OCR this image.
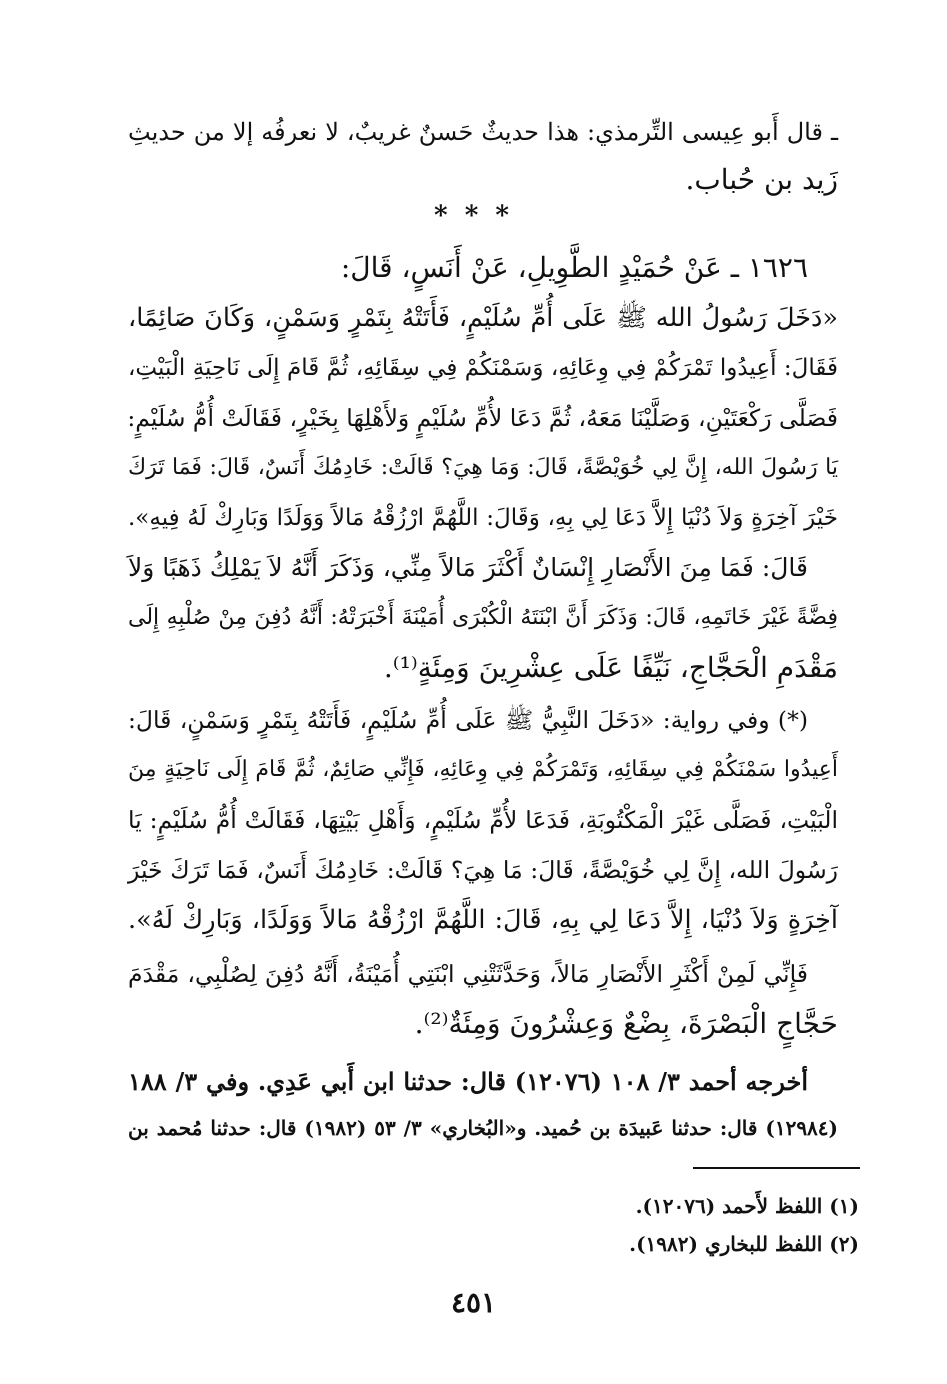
ـ قال أَبو عِيسى التِّرمذي: هذا حديثٌ حَسنٌ غريبٌ، لا نعرفُه إلا من حديثِ
زَيد بن حُباب.
* * *
١٦٢٦ ـ عَنْ حُمَيْدٍ الطَّوِيلِ، عَنْ أَنَسٍ، قَالَ:
«دَخَلَ رَسُولُ الله ﷺ عَلَى أُمِّ سُلَيْمٍ، فَأَتَتْهُ بِتَمْرٍ وَسَمْنٍ، وَكَانَ صَائِمًا،
فَقَالَ: أَعِيدُوا تَمْرَكُمْ فِي وِعَائِهِ، وَسَمْنَكُمْ فِي سِقَائِهِ، ثُمَّ قَامَ إِلَى نَاحِيَةِ الْبَيْتِ،
فَصَلَّى رَكْعَتَيْنِ، وَصَلَّيْنَا مَعَهُ، ثُمَّ دَعَا لأُمِّ سُلَيْمٍ وَلأَهْلِهَا بِخَيْرٍ، فَقَالَتْ أُمُّ سُلَيْمٍ:
يَا رَسُولَ الله، إِنَّ لِي خُوَيْصَّةً، قَالَ: وَمَا هِيَ؟ قَالَتْ: خَادِمُكَ أَنَسٌ، قَالَ: فَمَا تَرَكَ
خَيْرَ آخِرَةٍ وَلاَ دُنْيَا إِلاَّ دَعَا لِي بِهِ، وَقَالَ: اللَّهُمَّ ارْزُقْهُ مَالاً وَوَلَدًا وَبَارِكْ لَهُ فِيهِ».
قَالَ: فَمَا مِنَ الأَنْصَارِ إِنْسَانٌ أَكْثَرَ مَالاً مِنِّي، وَذَكَرَ أَنَّهُ لاَ يَمْلِكُ ذَهَبًا وَلاَ
فِضَّةً غَيْرَ خَاتَمِهِ، قَالَ: وَذَكَرَ أَنَّ ابْنَتَهُ الْكُبْرَى أُمَيْنَةَ أَخْبَرَتْهُ: أَنَّهُ دُفِنَ مِنْ صُلْبِهِ إِلَى
مَقْدَمِ الْحَجَّاجِ، نَيِّفًا عَلَى عِشْرِينَ وَمِئَةٍ⁽¹⁾.
(*) وفي رواية: «دَخَلَ النَّبِيُّ ﷺ عَلَى أُمِّ سُلَيْمٍ، فَأَتَتْهُ بِتَمْرٍ وَسَمْنٍ، قَالَ:
أَعِيدُوا سَمْنَكُمْ فِي سِقَائِهِ، وَتَمْرَكُمْ فِي وِعَائِهِ، فَإِنِّي صَائِمٌ، ثُمَّ قَامَ إِلَى نَاحِيَةٍ مِنَ
الْبَيْتِ، فَصَلَّى غَيْرَ الْمَكْتُوبَةِ، فَدَعَا لأُمِّ سُلَيْمٍ، وَأَهْلِ بَيْتِهَا، فَقَالَتْ أُمُّ سُلَيْمٍ: يَا
رَسُولَ الله، إِنَّ لِي خُوَيْصَّةً، قَالَ: مَا هِيَ؟ قَالَتْ: خَادِمُكَ أَنَسٌ، فَمَا تَرَكَ خَيْرَ
آخِرَةٍ وَلاَ دُنْيَا، إِلاَّ دَعَا لِي بِهِ، قَالَ: اللَّهُمَّ ارْزُقْهُ مَالاً وَوَلَدًا، وَبَارِكْ لَهُ».
فَإِنِّي لَمِنْ أَكْثَرِ الأَنْصَارِ مَالاً، وَحَدَّثَتْنِي ابْنَتِي أُمَيْنَةُ، أَنَّهُ دُفِنَ لِصُلْبِي، مَقْدَمَ
حَجَّاجٍ الْبَصْرَةَ، بِضْعٌ وَعِشْرُونَ وَمِئَةٌ⁽²⁾.
أخرجه أحمد ٣/ ١٠٨ (١٢٠٧٦) قال: حدثنا ابن أَبي عَدِي. وفي ٣/ ١٨٨
(١٢٩٨٤) قال: حدثنا عَبيدَة بن حُميد. و«البُخاري» ٣/ ٥٣ (١٩٨٢) قال: حدثنا مُحمد بن
(١) اللفظ لأَحمد (١٢٠٧٦).
(٢) اللفظ للبخاري (١٩٨٢).
٤٥١
